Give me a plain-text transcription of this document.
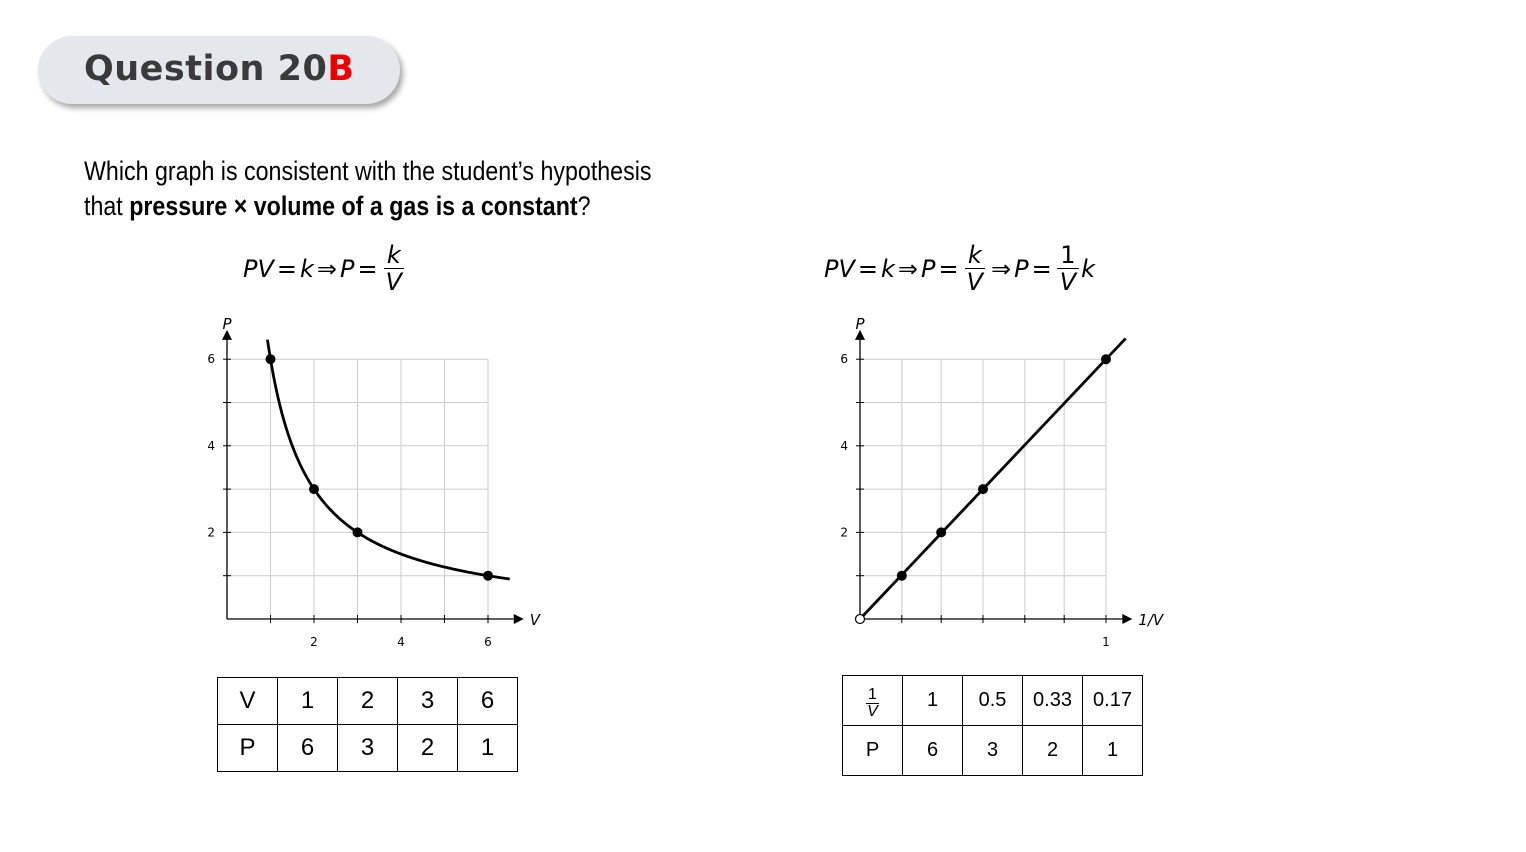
Question 20B
Which graph is consistent with the student’s hypothesis
that pressure × volume of a gas is a constant?
PV = k ⇒ $P = \frac{k}{V}$	PV = k ⇒ $P = \frac{k}{V}$ ⇒ $P = \frac{1}{V}$ k
2	4	6
2
4
6
V
P
1
2
4
6
1/V
P
V	1	2	3	6
P	6	3	2	1
$\frac{1}{V}$	1	0.5	0.33	0.17
P	6	3	2	1
